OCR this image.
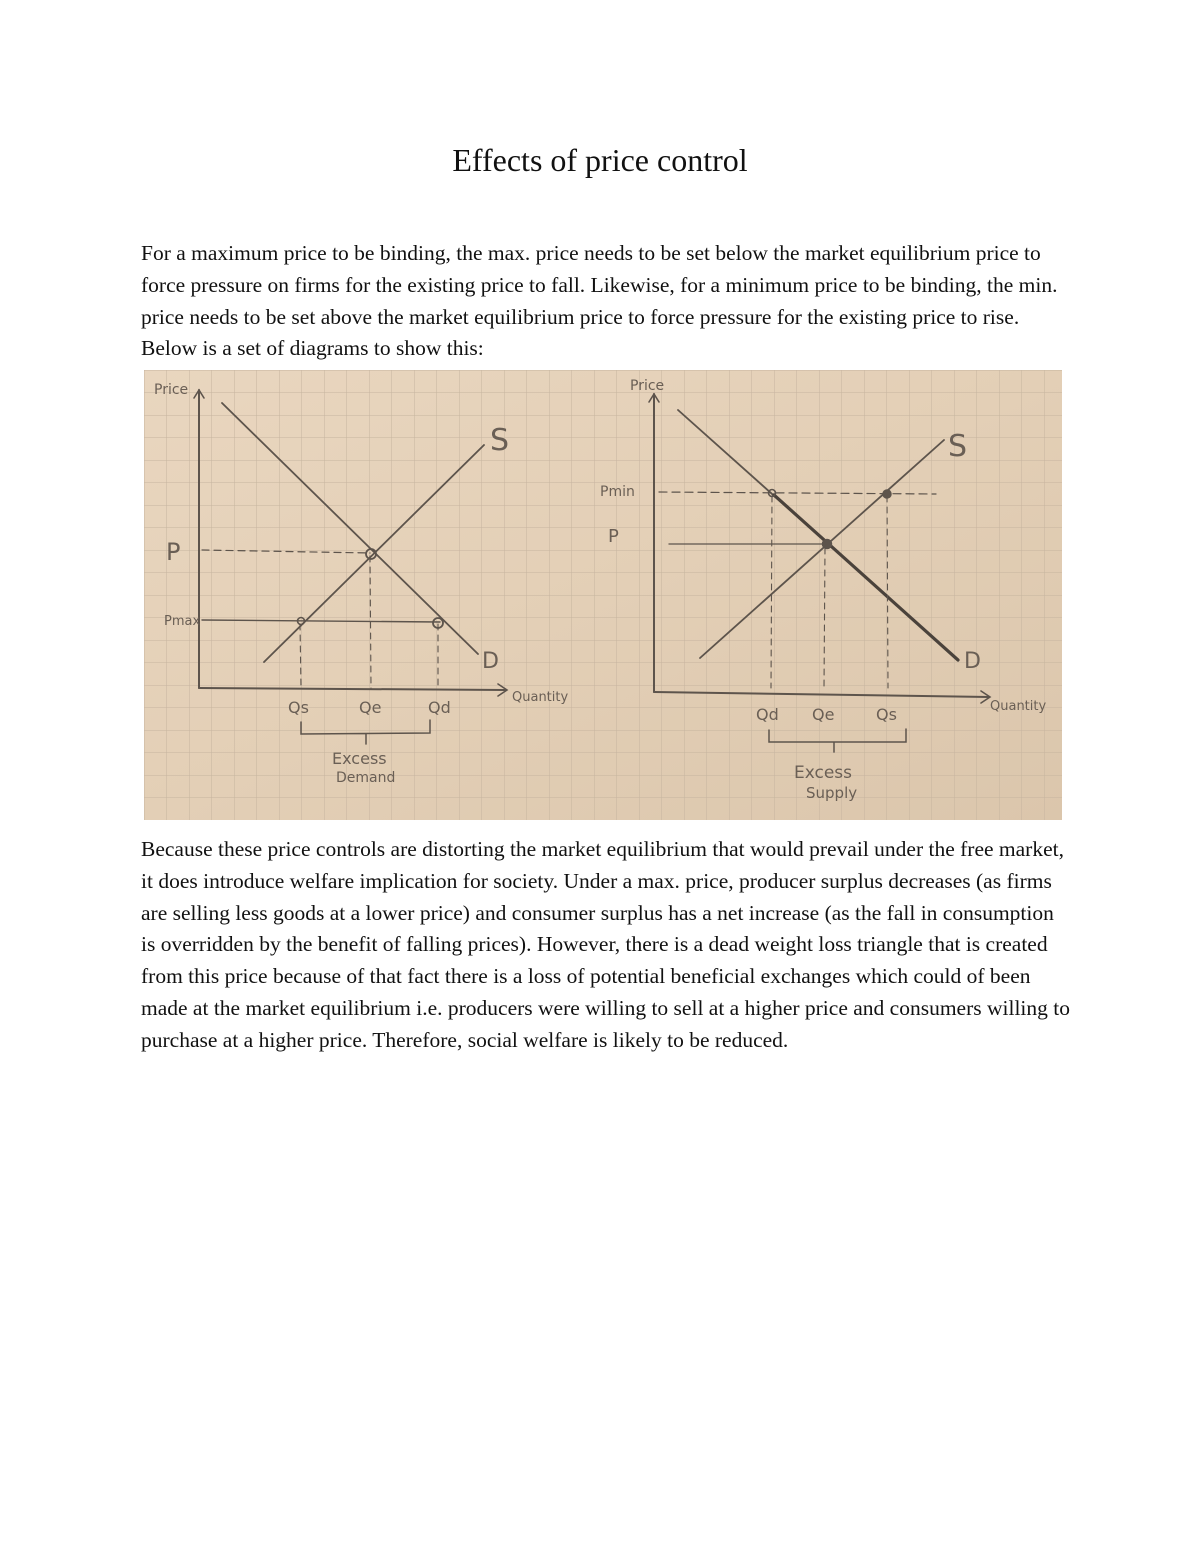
Effects of price control

For a maximum price to be binding, the max. price needs to be set below the market equilibrium price to force pressure on firms for the existing price to fall. Likewise, for a minimum price to be binding, the min. price needs to be set above the market equilibrium price to force pressure for the existing price to rise. Below is a set of diagrams to show this:

Price
S
D
P
Pmax
Quantity
Qs	Qe	Qd
Excess
Demand
Price
S
D
Pmin
P
Quantity
Qd Qe	Qs
Excess
Supply

Because these price controls are distorting the market equilibrium that would prevail under the free market, it does introduce welfare implication for society. Under a max. price, producer surplus decreases (as firms are selling less goods at a lower price) and consumer surplus has a net increase (as the fall in consumption is overridden by the benefit of falling prices). However, there is a dead weight loss triangle that is created from this price because of that fact there is a loss of potential beneficial exchanges which could of been made at the market equilibrium i.e. producers were willing to sell at a higher price and consumers willing to purchase at a higher price. Therefore, social welfare is likely to be reduced.
